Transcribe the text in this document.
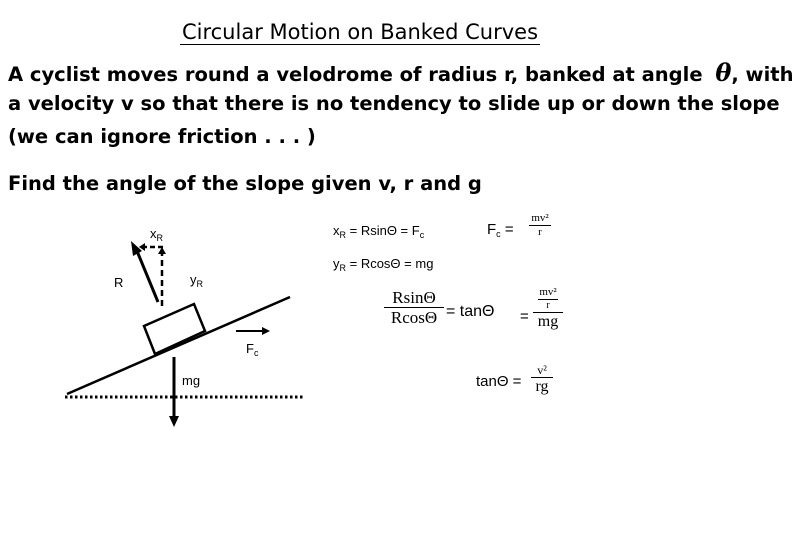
Circular Motion on Banked Curves
A cyclist moves round a velodrome of radius r, banked at angle θ, with
a velocity v so that there is no tendency to slide up or down the slope
(we can ignore friction . . . )
Find the angle of the slope given v, r and g
$x_R$
R	$y_R$
$F_c$
mg
$x_R = Rsin\Theta = F_c$
$y_R = Rcos\Theta$ = mg
$F_c$ =
mv²
r
RsinΘ
RcosΘ = tanΘ =
mv²
r
mg
tanΘ =
v²
rg
